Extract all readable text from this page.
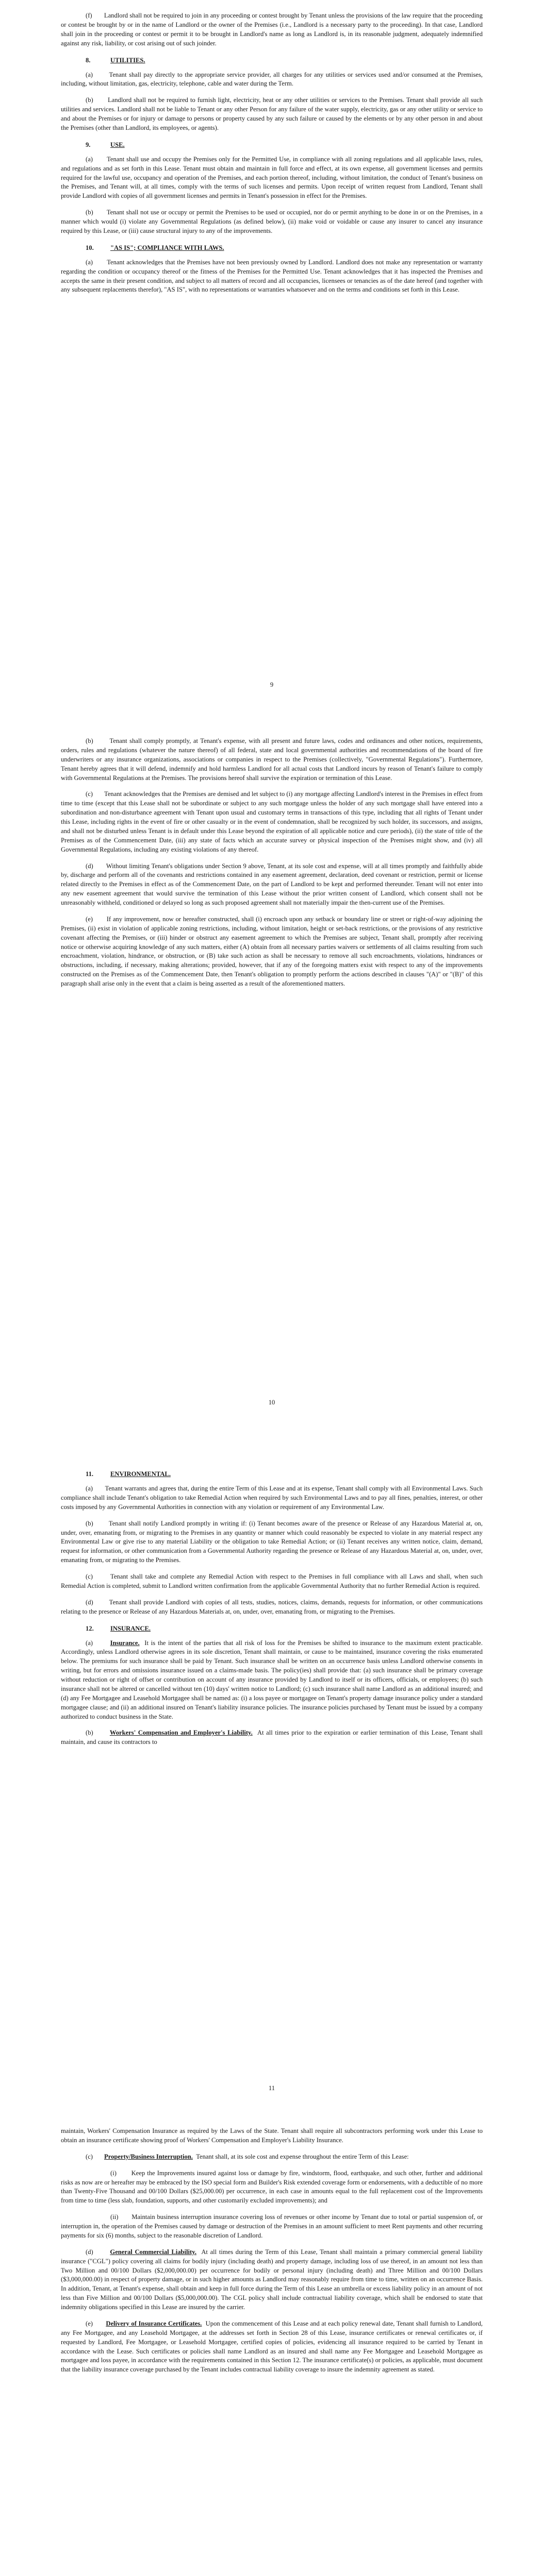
(f) Landlord shall not be required to join in any proceeding or contest brought by Tenant unless the provisions of the law require that the proceeding or contest be brought by or in the name of Landlord or the owner of the Premises (i.e., Landlord is a necessary party to the proceeding). In that case, Landlord shall join in the proceeding or contest or permit it to be brought in Landlord's name as long as Landlord is, in its reasonable judgment, adequately indemnified against any risk, liability, or cost arising out of such joinder.

8.	UTILITIES.

(a)	Tenant shall pay directly to the appropriate service provider, all charges for any utilities or services used and/or consumed at the Premises, including, without limitation, gas, electricity, telephone, cable and water during the Term.

(b) Landlord shall not be required to furnish light, electricity, heat or any other utilities or services to the Premises. Tenant shall provide all such utilities and services. Landlord shall not be liable to Tenant or any other Person for any failure of the water supply, electricity, gas or any other utility or service to and about the Premises or for injury or damage to persons or property caused by any such failure or caused by the elements or by any other person in and about the Premises (other than Landlord, its employees, or agents).

9.	USE.

(a) Tenant shall use and occupy the Premises only for the Permitted Use, in compliance with all zoning regulations and all applicable laws, rules, and regulations and as set forth in this Lease. Tenant must obtain and maintain in full force and effect, at its own expense, all government licenses and permits required for the lawful use, occupancy and operation of the Premises, and each portion thereof, including, without limitation, the conduct of Tenant's business on the Premises, and Tenant will, at all times, comply with the terms of such licenses and permits. Upon receipt of written request from Landlord, Tenant shall provide Landlord with copies of all government licenses and permits in Tenant's possession in effect for the Premises.

(b) Tenant shall not use or occupy or permit the Premises to be used or occupied, nor do or permit anything to be done in or on the Premises, in a manner which would (i) violate any Governmental Regulations (as defined below), (ii) make void or voidable or cause any insurer to cancel any insurance required by this Lease, or (iii) cause structural injury to any of the improvements.

10.	"AS IS"; COMPLIANCE WITH LAWS.

(a) Tenant acknowledges that the Premises have not been previously owned by Landlord. Landlord does not make any representation or warranty regarding the condition or occupancy thereof or the fitness of the Premises for the Permitted Use. Tenant acknowledges that it has inspected the Premises and accepts the same in their present condition, and subject to all matters of record and all occupancies, licensees or tenancies as of the date hereof (and together with any subsequent replacements therefor), "AS IS", with no representations or warranties whatsoever and on the terms and conditions set forth in this Lease.

9

(b)	Tenant shall comply promptly, at Tenant's expense, with all present and future laws, codes and ordinances and other notices, requirements, orders, rules and regulations (whatever the nature thereof) of all federal, state and local governmental authorities and recommendations of the board of fire underwriters or any insurance organizations, associations or companies in respect to the Premises (collectively, "Governmental Regulations"). Furthermore, Tenant hereby agrees that it will defend, indemnify and hold harmless Landlord for all actual costs that Landlord incurs by reason of Tenant's failure to comply with Governmental Regulations at the Premises. The provisions hereof shall survive the expiration or termination of this Lease.

(c) Tenant acknowledges that the Premises are demised and let subject to (i) any mortgage affecting Landlord's interest in the Premises in effect from time to time (except that this Lease shall not be subordinate or subject to any such mortgage unless the holder of any such mortgage shall have entered into a subordination and non-disturbance agreement with Tenant upon usual and customary terms in transactions of this type, including that all rights of Tenant under this Lease, including rights in the event of fire or other casualty or in the event of condemnation, shall be recognized by such holder, its successors, and assigns, and shall not be disturbed unless Tenant is in default under this Lease beyond the expiration of all applicable notice and cure periods), (ii) the state of title of the Premises as of the Commencement Date, (iii) any state of facts which an accurate survey or physical inspection of the Premises might show, and (iv) all Governmental Regulations, including any existing violations of any thereof.

(d) Without limiting Tenant's obligations under Section 9 above, Tenant, at its sole cost and expense, will at all times promptly and faithfully abide by, discharge and perform all of the covenants and restrictions contained in any easement agreement, declaration, deed covenant or restriction, permit or license related directly to the Premises in effect as of the Commencement Date, on the part of Landlord to be kept and performed thereunder. Tenant will not enter into any new easement agreement that would survive the termination of this Lease without the prior written consent of Landlord, which consent shall not be unreasonably withheld, conditioned or delayed so long as such proposed agreement shall not materially impair the then-current use of the Premises.

(e) If any improvement, now or hereafter constructed, shall (i) encroach upon any setback or boundary line or street or right-of-way adjoining the Premises, (ii) exist in violation of applicable zoning restrictions, including, without limitation, height or set-back restrictions, or the provisions of any restrictive covenant affecting the Premises, or (iii) hinder or obstruct any easement agreement to which the Premises are subject, Tenant shall, promptly after receiving notice or otherwise acquiring knowledge of any such matters, either (A) obtain from all necessary parties waivers or settlements of all claims resulting from such encroachment, violation, hindrance, or obstruction, or (B) take such action as shall be necessary to remove all such encroachments, violations, hindrances or obstructions, including, if necessary, making alterations; provided, however, that if any of the foregoing matters exist with respect to any of the improvements constructed on the Premises as of the Commencement Date, then Tenant's obligation to promptly perform the actions described in clauses "(A)" or "(B)" of this paragraph shall arise only in the event that a claim is being asserted as a result of the aforementioned matters.

10
11.	ENVIRONMENTAL.

(a) Tenant warrants and agrees that, during the entire Term of this Lease and at its expense, Tenant shall comply with all Environmental Laws. Such compliance shall include Tenant's obligation to take Remedial Action when required by such Environmental Laws and to pay all fines, penalties, interest, or other costs imposed by any Governmental Authorities in connection with any violation or requirement of any Environmental Law.

(b) Tenant shall notify Landlord promptly in writing if: (i) Tenant becomes aware of the presence or Release of any Hazardous Material at, on, under, over, emanating from, or migrating to the Premises in any quantity or manner which could reasonably be expected to violate in any material respect any Environmental Law or give rise to any material Liability or the obligation to take Remedial Action; or (ii) Tenant receives any written notice, claim, demand, request for information, or other communication from a Governmental Authority regarding the presence or Release of any Hazardous Material at, on, under, over, emanating from, or migrating to the Premises.

(c)	Tenant shall take and complete any Remedial Action with respect to the Premises in full compliance with all Laws and shall, when such Remedial Action is completed, submit to Landlord written confirmation from the applicable Governmental Authority that no further Remedial Action is required.

(d) Tenant shall provide Landlord with copies of all tests, studies, notices, claims, demands, requests for information, or other communications relating to the presence or Release of any Hazardous Materials at, on, under, over, emanating from, or migrating to the Premises.

12.	INSURANCE.

(a)	Insurance. It is the intent of the parties that all risk of loss for the Premises be shifted to insurance to the maximum extent practicable. Accordingly, unless Landlord otherwise agrees in its sole discretion, Tenant shall maintain, or cause to be maintained, insurance covering the risks enumerated below. The premiums for such insurance shall be paid by Tenant. Such insurance shall be written on an occurrence basis unless Landlord otherwise consents in writing, but for errors and omissions insurance issued on a claims-made basis. The policy(ies) shall provide that: (a) such insurance shall be primary coverage without reduction or right of offset or contribution on account of any insurance provided by Landlord to itself or its officers, officials, or employees; (b) such insurance shall not be altered or cancelled without ten (10) days' written notice to Landlord; (c) such insurance shall name Landlord as an additional insured; and (d) any Fee Mortgagee and Leasehold Mortgagee shall be named as: (i) a loss payee or mortgagee on Tenant's property damage insurance policy under a standard mortgagee clause; and (ii) an additional insured on Tenant's liability insurance policies. The insurance policies purchased by Tenant must be issued by a company authorized to conduct business in the State.

(b)	Workers' Compensation and Employer's Liability. At all times prior to the expiration or earlier termination of this Lease, Tenant shall maintain, and cause its contractors to

11

maintain, Workers' Compensation Insurance as required by the Laws of the State. Tenant shall require all subcontractors performing work under this Lease to obtain an insurance certificate showing proof of Workers' Compensation and Employer's Liability Insurance.

(c) Property/Business Interruption. Tenant shall, at its sole cost and expense throughout the entire Term of this Lease:

(i) Keep the Improvements insured against loss or damage by fire, windstorm, flood, earthquake, and such other, further and additional risks as now are or hereafter may be embraced by the ISO special form and Builder's Risk extended coverage form or endorsements, with a deductible of no more than Twenty-Five Thousand and 00/100 Dollars ($25,000.00) per occurrence, in each case in amounts equal to the full replacement cost of the Improvements from time to time (less slab, foundation, supports, and other customarily excluded improvements); and

(ii) Maintain business interruption insurance covering loss of revenues or other income by Tenant due to total or partial suspension of, or interruption in, the operation of the Premises caused by damage or destruction of the Premises in an amount sufficient to meet Rent payments and other recurring payments for six (6) months, subject to the reasonable discretion of Landlord.

(d)	General Commercial Liability. At all times during the Term of this Lease, Tenant shall maintain a primary commercial general liability insurance ("CGL") policy covering all claims for bodily injury (including death) and property damage, including loss of use thereof, in an amount not less than Two Million and 00/100 Dollars ($2,000,000.00) per occurrence for bodily or personal injury (including death) and Three Million and 00/100 Dollars ($3,000,000.00) in respect of property damage, or in such higher amounts as Landlord may reasonably require from time to time, written on an occurrence Basis. In addition, Tenant, at Tenant's expense, shall obtain and keep in full force during the Term of this Lease an umbrella or excess liability policy in an amount of not less than Five Million and 00/100 Dollars ($5,000,000.00). The CGL policy shall include contractual liability coverage, which shall be endorsed to state that indemnity obligations specified in this Lease are insured by the carrier.

(e) Delivery of Insurance Certificates. Upon the commencement of this Lease and at each policy renewal date, Tenant shall furnish to Landlord, any Fee Mortgagee, and any Leasehold Mortgagee, at the addresses set forth in Section 28 of this Lease, insurance certificates or renewal certificates or, if requested by Landlord, Fee Mortgagee, or Leasehold Mortgagee, certified copies of policies, evidencing all insurance required to be carried by Tenant in accordance with the Lease. Such certificates or policies shall name Landlord as an insured and shall name any Fee Mortgagee and Leasehold Mortgagee as mortgagee and loss payee, in accordance with the requirements contained in this Section 12. The insurance certificate(s) or policies, as applicable, must document that the liability insurance coverage purchased by the Tenant includes contractual liability coverage to insure the indemnity agreement as stated.
